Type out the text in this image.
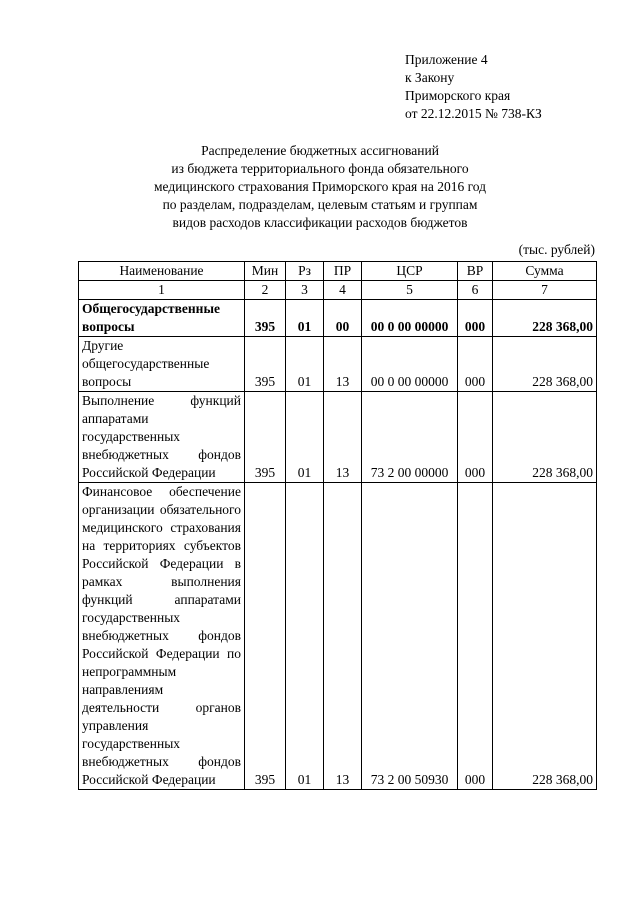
Приложение 4
к Закону
Приморского края
от 22.12.2015 № 738-КЗ
Распределение бюджетных ассигнований
из бюджета территориального фонда обязательного
медицинского страхования Приморского края на 2016 год
по разделам, подразделам, целевым статьям и группам
видов расходов классификации расходов бюджетов
(тыс. рублей)
Наименование	Мин	Рз	ПР	ЦСР	ВР	Сумма
1	2	3	4	5	6	7
Общегосударственные вопросы	395	01	00	00 0 00 00000	000	228 368,00
Другие общегосударственные вопросы	395	01	13	00 0 00 00000	000	228 368,00
Выполнение функций аппаратами государственных внебюджетных фондов Российской Федерации	395	01	13	73 2 00 00000	000	228 368,00
Финансовое обеспечение организации обязательного медицинского страхования на территориях субъектов Российской Федерации в рамках выполнения функций аппаратами государственных внебюджетных фондов Российской Федерации по непрограммным направлениям деятельности органов управления государственных внебюджетных фондов Российской Федерации	395	01	13	73 2 00 50930	000	228 368,00
